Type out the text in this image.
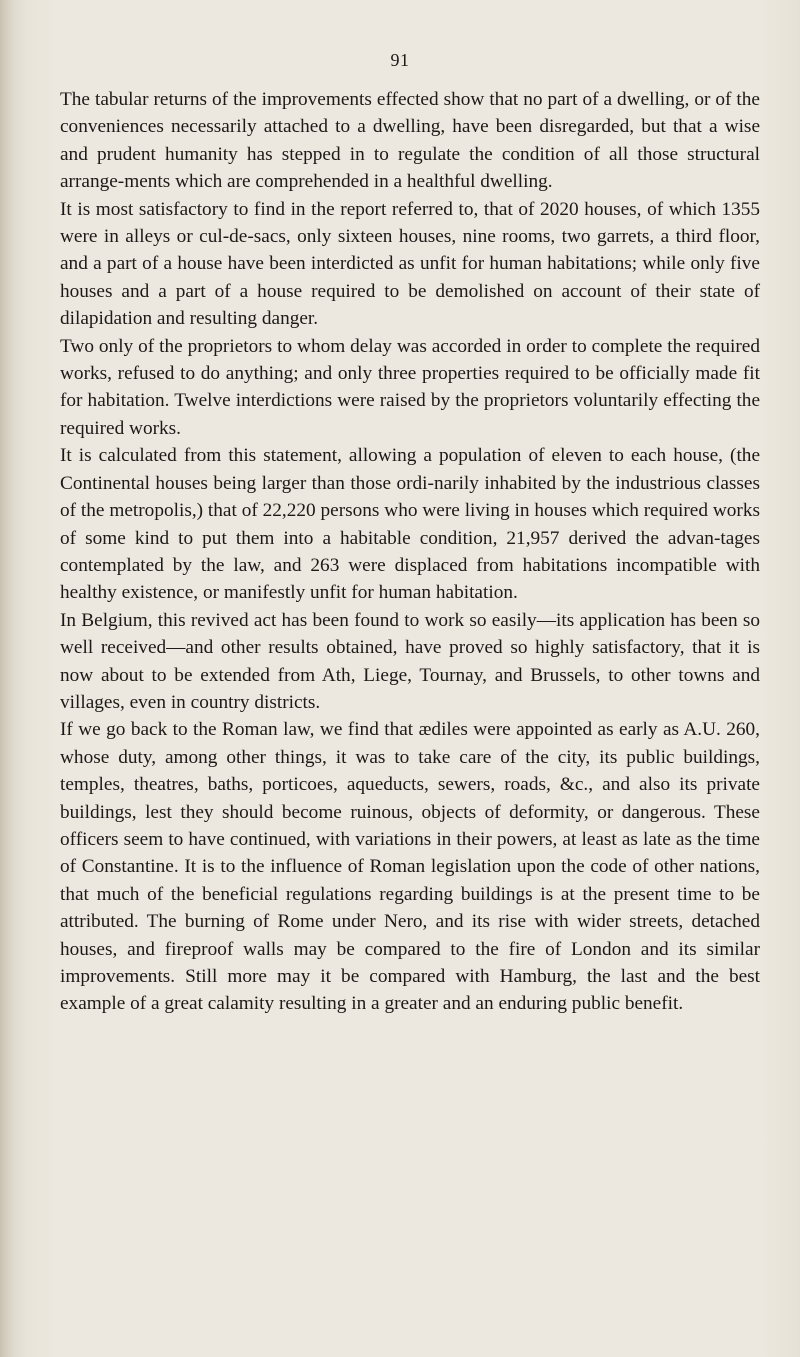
91

The tabular returns of the improvements effected show that no part of a dwelling, or of the conveniences necessarily attached to a dwelling, have been disregarded, but that a wise and prudent humanity has stepped in to regulate the condition of all those structural arrange-ments which are comprehended in a healthful dwelling.

It is most satisfactory to find in the report referred to, that of 2020 houses, of which 1355 were in alleys or cul-de-sacs, only sixteen houses, nine rooms, two garrets, a third floor, and a part of a house have been interdicted as unfit for human habitations; while only five houses and a part of a house required to be demolished on account of their state of dilapidation and resulting danger.

Two only of the proprietors to whom delay was accorded in order to complete the required works, refused to do anything; and only three properties required to be officially made fit for habitation. Twelve interdictions were raised by the proprietors voluntarily effecting the required works.

It is calculated from this statement, allowing a population of eleven to each house, (the Continental houses being larger than those ordi-narily inhabited by the industrious classes of the metropolis,) that of 22,220 persons who were living in houses which required works of some kind to put them into a habitable condition, 21,957 derived the advan-tages contemplated by the law, and 263 were displaced from habitations incompatible with healthy existence, or manifestly unfit for human habitation.

In Belgium, this revived act has been found to work so easily—its application has been so well received—and other results obtained, have proved so highly satisfactory, that it is now about to be extended from Ath, Liege, Tournay, and Brussels, to other towns and villages, even in country districts.

If we go back to the Roman law, we find that ædiles were appointed as early as A.U. 260, whose duty, among other things, it was to take care of the city, its public buildings, temples, theatres, baths, porticoes, aqueducts, sewers, roads, &c., and also its private buildings, lest they should become ruinous, objects of deformity, or dangerous. These officers seem to have continued, with variations in their powers, at least as late as the time of Constantine. It is to the influence of Roman legislation upon the code of other nations, that much of the beneficial regulations regarding buildings is at the present time to be attributed. The burning of Rome under Nero, and its rise with wider streets, detached houses, and fireproof walls may be compared to the fire of London and its similar improvements. Still more may it be compared with Hamburg, the last and the best example of a great calamity resulting in a greater and an enduring public benefit.
